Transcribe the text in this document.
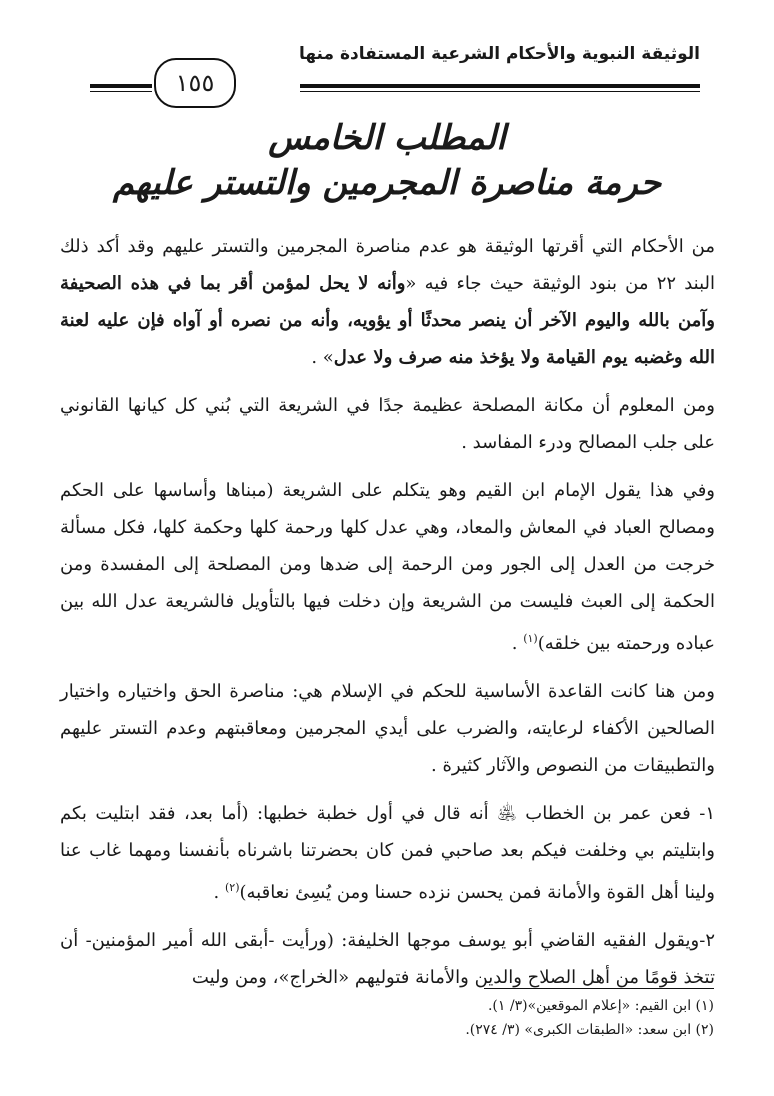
الوثيقة النبوية والأحكام الشرعية المستفادة منها
١٥٥
المطلب الخامس
حرمة مناصرة المجرمين والتستر عليهم

من الأحكام التي أقرتها الوثيقة هو عدم مناصرة المجرمين والتستر عليهم وقد أكد ذلك البند ٢٢ من بنود الوثيقة حيث جاء فيه «وأنه لا يحل لمؤمن أقر بما في هذه الصحيفة وآمن بالله واليوم الآخر أن ينصر محدثًا أو يؤويه، وأنه من نصره أو آواه فإن عليه لعنة الله وغضبه يوم القيامة ولا يؤخذ منه صرف ولا عدل» .

ومن المعلوم أن مكانة المصلحة عظيمة جدًا في الشريعة التي بُني كل كيانها القانوني على جلب المصالح ودرء المفاسد .

وفي هذا يقول الإمام ابن القيم وهو يتكلم على الشريعة (مبناها وأساسها على الحكم ومصالح العباد في المعاش والمعاد، وهي عدل كلها ورحمة كلها وحكمة كلها، فكل مسألة خرجت من العدل إلى الجور ومن الرحمة إلى ضدها ومن المصلحة إلى المفسدة ومن الحكمة إلى العبث فليست من الشريعة وإن دخلت فيها بالتأويل فالشريعة عدل الله بين عباده ورحمته بين خلقه)$^{(١)}$ .

ومن هنا كانت القاعدة الأساسية للحكم في الإسلام هي: مناصرة الحق واختياره واختيار الصالحين الأكفاء لرعايته، والضرب على أيدي المجرمين ومعاقبتهم وعدم التستر عليهم والتطبيقات من النصوص والآثار كثيرة .

١- فعن عمر بن الخطاب ﵁ أنه قال في أول خطبة خطبها: (أما بعد، فقد ابتليت بكم وابتليتم بي وخلفت فيكم بعد صاحبي فمن كان بحضرتنا باشرناه بأنفسنا ومهما غاب عنا ولينا أهل القوة والأمانة فمن يحسن نزده حسنا ومن يُسِئ نعاقبه)$^{(٢)}$ .

٢-ويقول الفقيه القاضي أبو يوسف موجها الخليفة: (ورأيت -أبقى الله أمير المؤمنين- أن تتخذ قومًا من أهل الصلاح والدين والأمانة فتوليهم «الخراج»، ومن وليت

(١) ابن القيم: «إعلام الموقعين»(٣/ ١).
(٢) ابن سعد: «الطبقات الكبرى» (٣/ ٢٧٤).
